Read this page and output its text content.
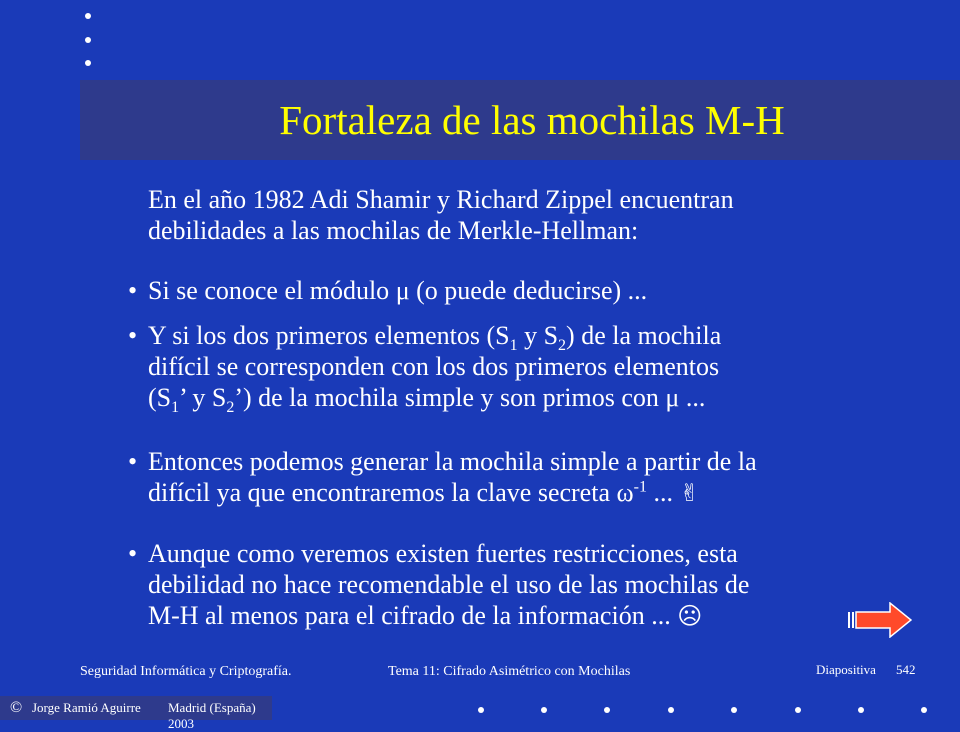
Fortaleza de las mochilas M-H
En el año 1982 Adi Shamir y Richard Zippel encuentran
debilidades a las mochilas de Merkle-Hellman:
• Si se conoce el módulo μ (o puede deducirse) ...
• Y si los dos primeros elementos ($S_1$ y $S_2$) de la mochila
difícil se corresponden con los dos primeros elementos
($S_1$’ y $S_2$’) de la mochila simple y son primos con μ ...
• Entonces podemos generar la mochila simple a partir de la
difícil ya que encontraremos la clave secreta $\omega^{-1}$ ... ✌
• Aunque como veremos existen fuertes restricciones, esta
debilidad no hace recomendable el uso de las mochilas de
M-H al menos para el cifrado de la información ... ☹
Seguridad Informática y Criptografía.	Tema 11: Cifrado Asimétrico con Mochilas	Diapositiva 542
© Jorge Ramió Aguirre Madrid (España) 2003
